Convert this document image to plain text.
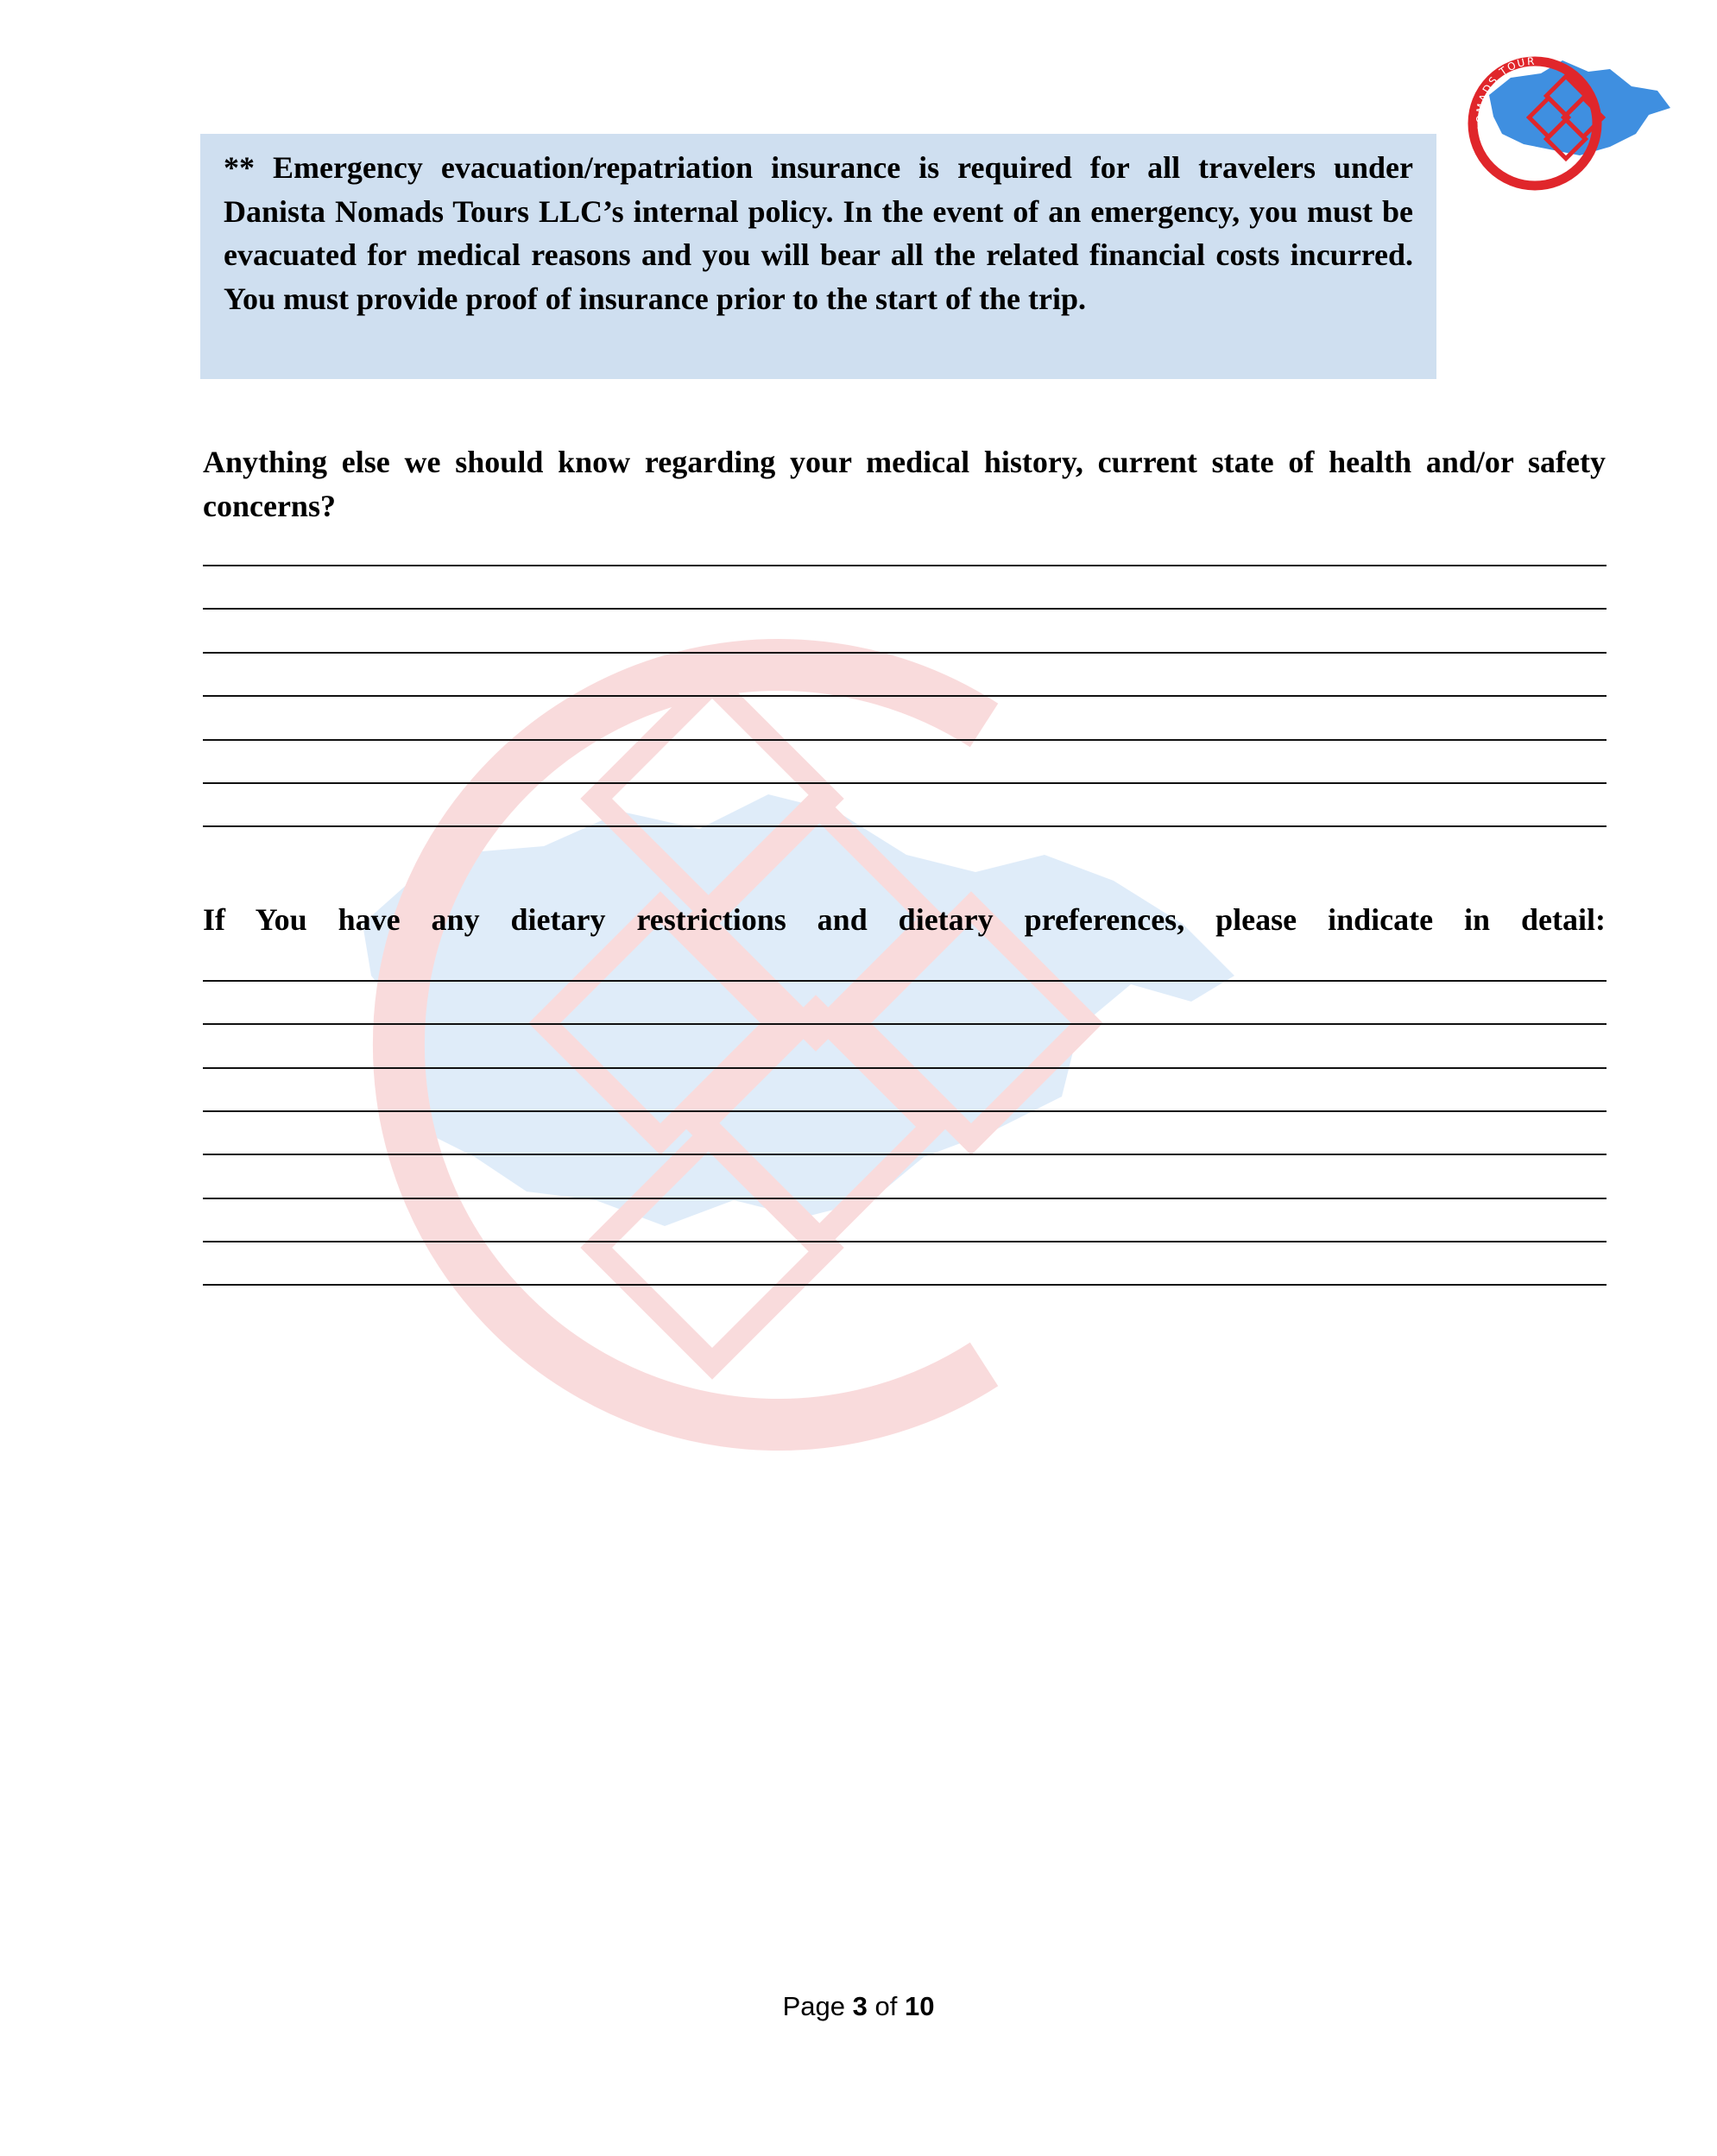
NOMADS TOUR
DANISTA
** Emergency evacuation/repatriation insurance is required for all travelers under Danista Nomads Tours LLC’s internal policy. In the event of an emergency, you must be evacuated for medical reasons and you will bear all the related financial costs incurred. You must provide proof of insurance prior to the start of the trip.
Anything else we should know regarding your medical history, current state of health and/or safety concerns?
If You have any dietary restrictions and dietary preferences, please indicate in detail:
Page 3 of 10
